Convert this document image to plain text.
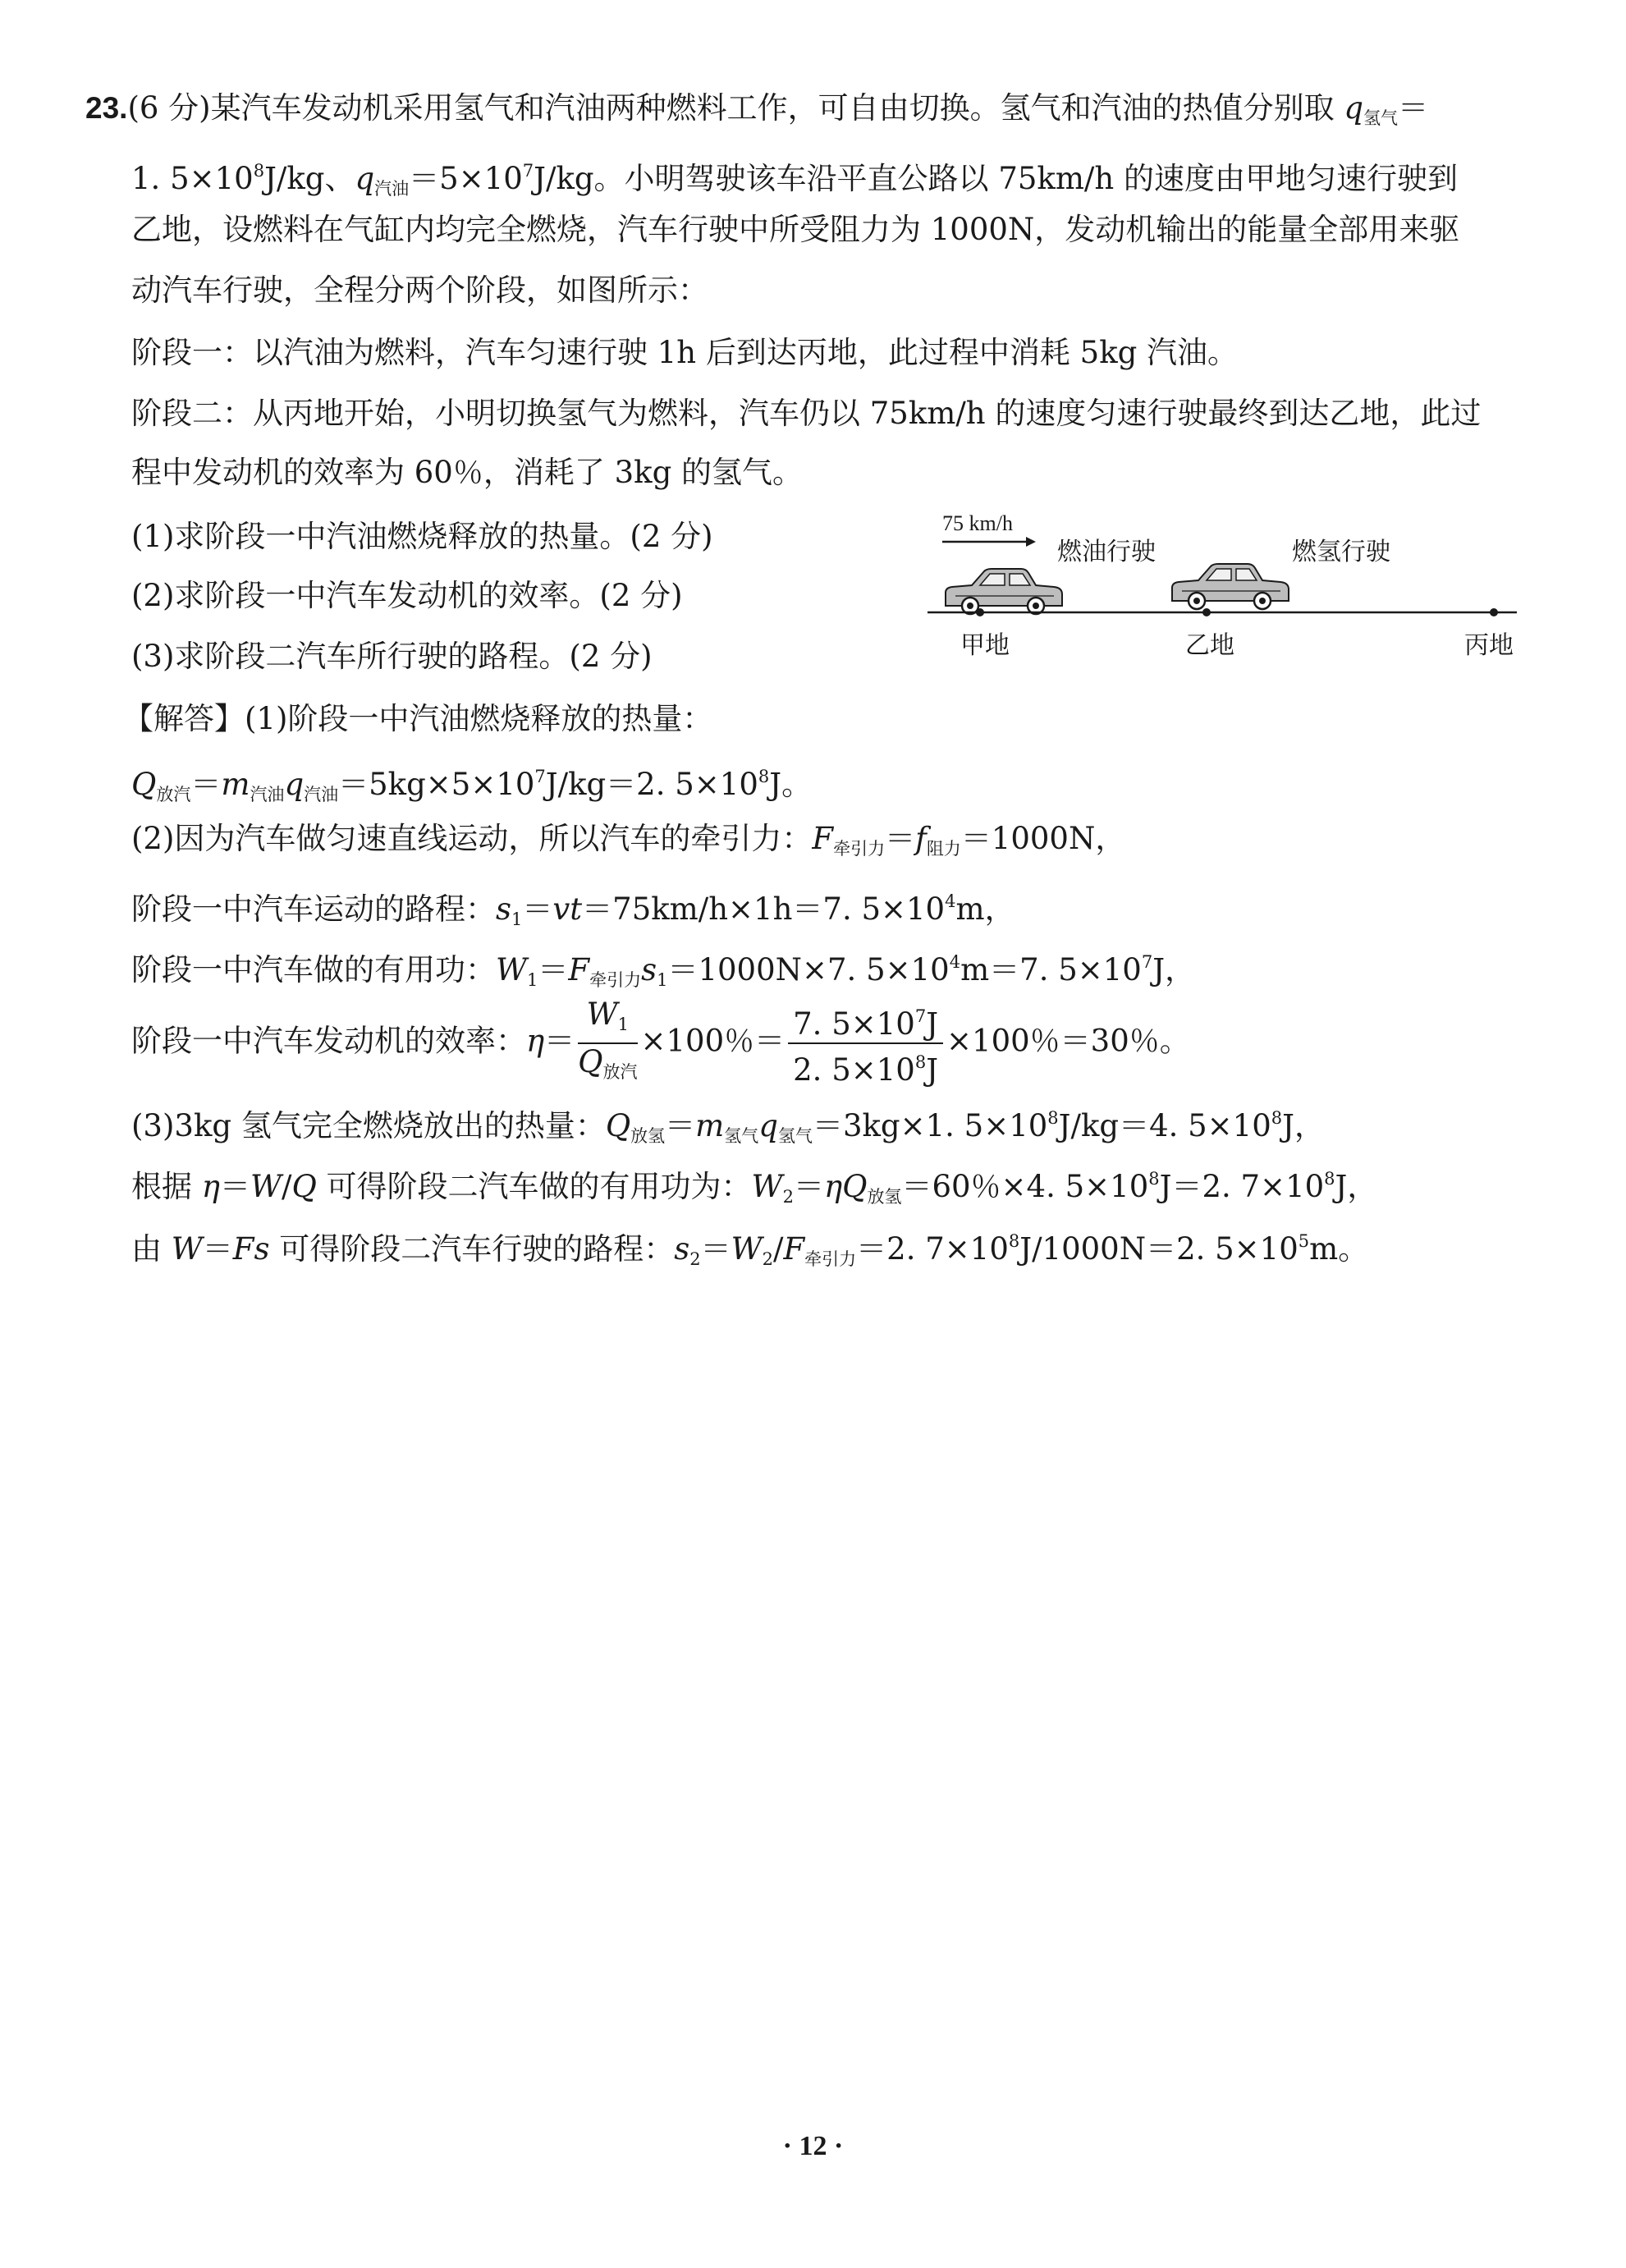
23.(6 分)某汽车发动机采用氢气和汽油两种燃料工作，可自由切换。氢气和汽油的热值分别取 $q_{氢气}=$
1. $5\times 10^8J/kg$、$q_{汽油}=5\times 10^7J/kg$。小明驾驶该车沿平直公路以 75km/h 的速度由甲地匀速行驶到
乙地，设燃料在气缸内均完全燃烧，汽车行驶中所受阻力为 1000N，发动机输出的能量全部用来驱
动汽车行驶，全程分两个阶段，如图所示：
阶段一：以汽油为燃料，汽车匀速行驶 1h 后到达丙地，此过程中消耗 5kg 汽油。
阶段二：从丙地开始，小明切换氢气为燃料，汽车仍以 75km/h 的速度匀速行驶最终到达乙地，此过
程中发动机的效率为 60％，消耗了 3kg 的氢气。
(1)求阶段一中汽油燃烧释放的热量。(2 分)
(2)求阶段一中汽车发动机的效率。(2 分)
(3)求阶段二汽车所行驶的路程。(2 分)
75 km/h
燃油行驶	燃氢行驶
甲地	乙地	丙地
【解答】(1)阶段一中汽油燃烧释放的热量：
$Q_{放汽}=m_{汽油}q_{汽油}=5kg\times 5\times 10^7J/kg=2$. $5\times 10^8J$。
(2)因为汽车做匀速直线运动，所以汽车的牵引力：$F_{牵引力}=f_{阻力}=1000N$，
阶段一中汽车运动的路程：$s_1=vt=75km/h\times 1h=7$. $5\times 10^4m$，
阶段一中汽车做的有用功：$W_1=F_{牵引力}s_1=1000N\times 7$. $5\times 10^4m=7$. $5\times 10^7J$，
阶段一中汽车发动机的效率：$\eta= \frac{W_1}{Q_{放汽}} \times 100$％＝ $\frac{7. 5\times 10^7J}{2. 5\times 10^8J} \times 100$％＝30％。
(3)3kg 氢气完全燃烧放出的热量：$Q_{放氢}=m_{氢气}q_{氢气}=3kg\times 1$. $5\times 10^8J/kg=4$. $5\times 10^8J$，
根据 η＝W/Q 可得阶段二汽车做的有用功为：$W_2=\eta Q_{放氢}=60$％×4. $5\times 10^8J=2$. $7\times 10^8J$，
由 W＝Fs 可得阶段二汽车行驶的路程：$s_2=W_2/F_{牵引力}=2$. $7\times 10^8J/1000N=2$. $5\times 10^5m$。
· 12 ·
